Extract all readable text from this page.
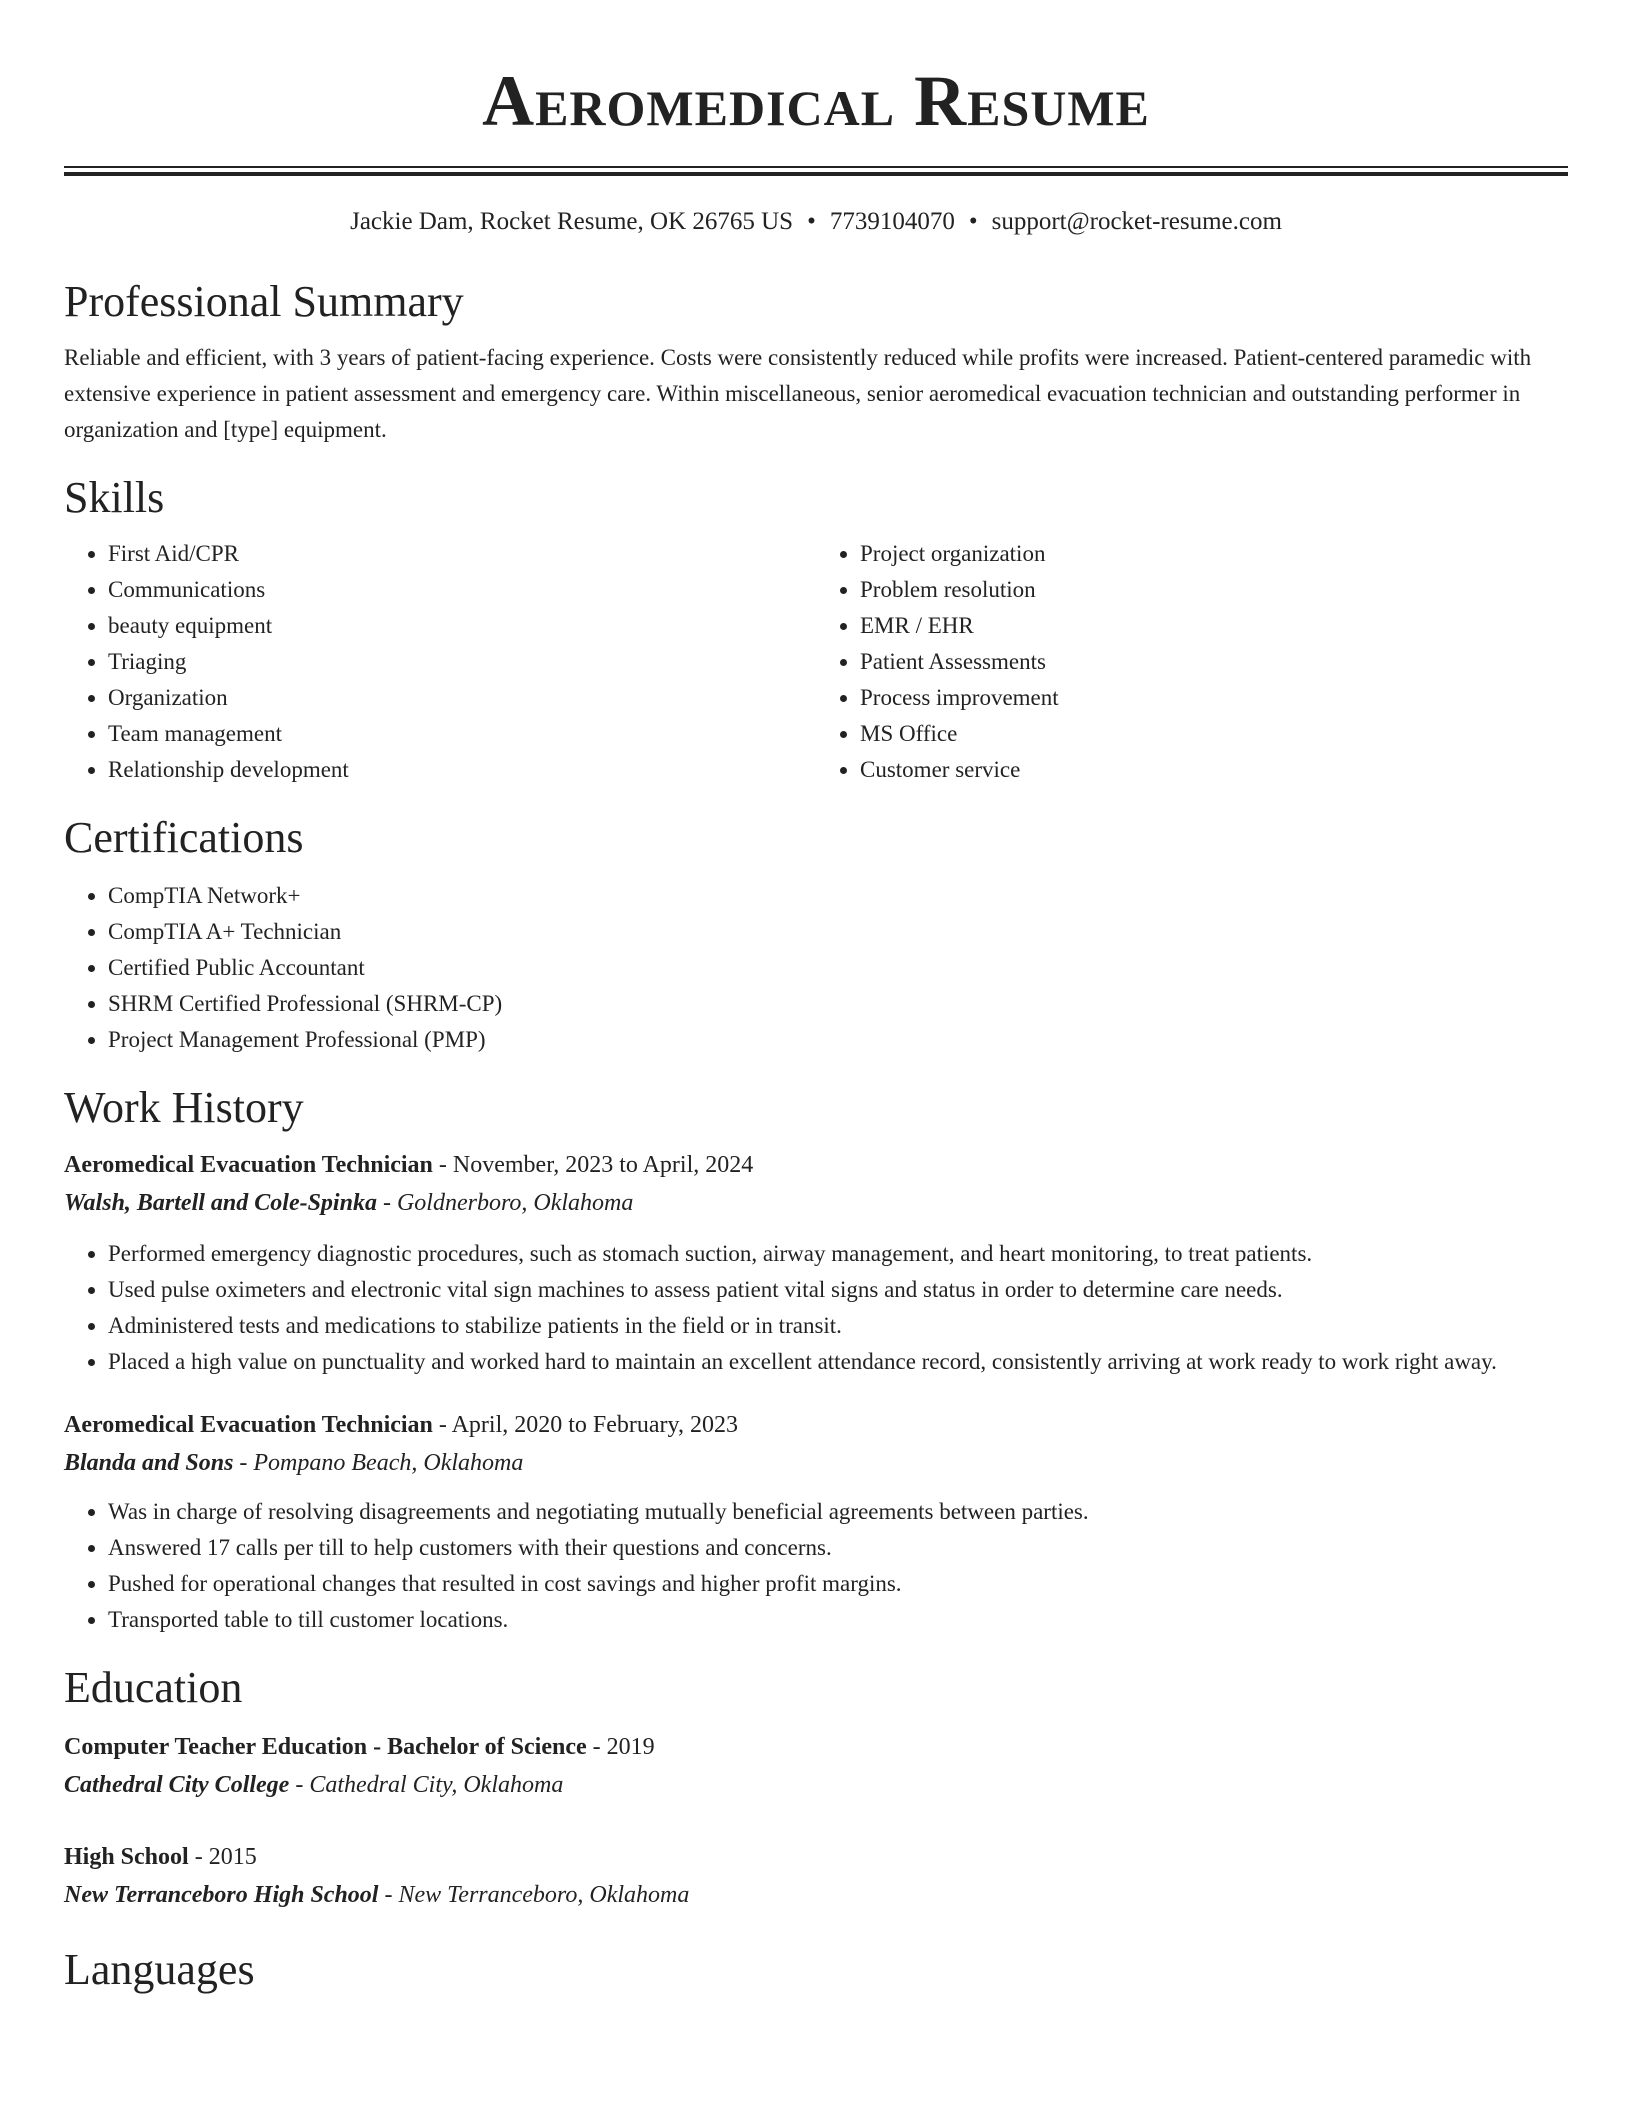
Aeromedical Resume
Jackie Dam, Rocket Resume, OK 26765 US • 7739104070 • support@rocket-resume.com
Professional Summary

Reliable and efficient, with 3 years of patient-facing experience. Costs were consistently reduced while profits were increased. Patient-centered paramedic with extensive experience in patient assessment and emergency care. Within miscellaneous, senior aeromedical evacuation technician and outstanding performer in organization and [type] equipment.

Skills
• First Aid/CPR
• Communications
• beauty equipment
• Triaging
• Organization
• Team management
• Relationship development
• Project organization
• Problem resolution
• EMR / EHR
• Patient Assessments
• Process improvement
• MS Office
• Customer service
Certifications
• CompTIA Network+
• CompTIA A+ Technician
• Certified Public Accountant
• SHRM Certified Professional (SHRM-CP)
• Project Management Professional (PMP)
Work History
Aeromedical Evacuation Technician - November, 2023 to April, 2024
Walsh, Bartell and Cole-Spinka - Goldnerboro, Oklahoma
• Performed emergency diagnostic procedures, such as stomach suction, airway management, and heart monitoring, to treat patients.
• Used pulse oximeters and electronic vital sign machines to assess patient vital signs and status in order to determine care needs.
• Administered tests and medications to stabilize patients in the field or in transit.
• Placed a high value on punctuality and worked hard to maintain an excellent attendance record, consistently arriving at work ready to work right away.
Aeromedical Evacuation Technician - April, 2020 to February, 2023
Blanda and Sons - Pompano Beach, Oklahoma
• Was in charge of resolving disagreements and negotiating mutually beneficial agreements between parties.
• Answered 17 calls per till to help customers with their questions and concerns.
• Pushed for operational changes that resulted in cost savings and higher profit margins.
• Transported table to till customer locations.
Education
Computer Teacher Education - Bachelor of Science - 2019
Cathedral City College - Cathedral City, Oklahoma
High School - 2015
New Terranceboro High School - New Terranceboro, Oklahoma
Languages
